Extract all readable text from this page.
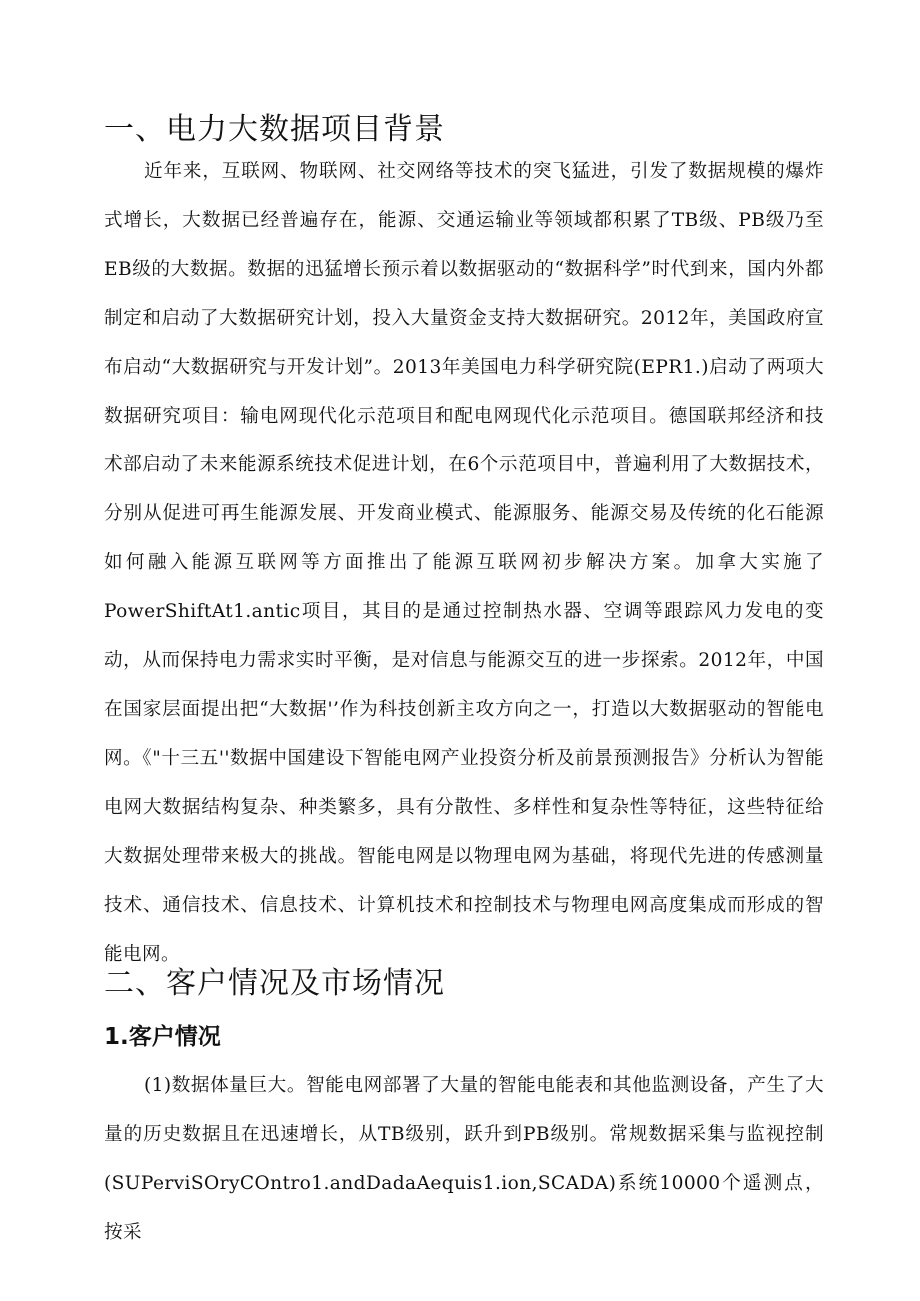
一、电力大数据项目背景

近年来，互联网、物联网、社交网络等技术的突飞猛进，引发了数据规模的爆炸式增长，大数据已经普遍存在，能源、交通运输业等领域都积累了TB级、PB级乃至EB级的大数据。数据的迅猛增长预示着以数据驱动的“数据科学”时代到来，国内外都制定和启动了大数据研究计划，投入大量资金支持大数据研究。2012年，美国政府宣布启动“大数据研究与开发计划”。2013年美国电力科学研究院(EPR1.)启动了两项大数据研究项目：输电网现代化示范项目和配电网现代化示范项目。德国联邦经济和技术部启动了未来能源系统技术促进计划，在6个示范项目中，普遍利用了大数据技术，分别从促进可再生能源发展、开发商业模式、能源服务、能源交易及传统的化石能源如何融入能源互联网等方面推出了能源互联网初步解决方案。加拿大实施了PowerShiftAt1.antic项目，其目的是通过控制热水器、空调等跟踪风力发电的变动，从而保持电力需求实时平衡，是对信息与能源交互的进一步探索。2012年，中国在国家层面提出把“大数据'’作为科技创新主攻方向之一，打造以大数据驱动的智能电网。《"十三五''数据中国建设下智能电网产业投资分析及前景预测报告》分析认为智能电网大数据结构复杂、种类繁多，具有分散性、多样性和复杂性等特征，这些特征给大数据处理带来极大的挑战。智能电网是以物理电网为基础，将现代先进的传感测量技术、通信技术、信息技术、计算机技术和控制技术与物理电网高度集成而形成的智能电网。

二、客户情况及市场情况
1.客户情况

(1)数据体量巨大。智能电网部署了大量的智能电能表和其他监测设备，产生了大量的历史数据且在迅速增长，从TB级别，跃升到PB级别。常规数据采集与监视控制(SUPerviSOryCOntro1.andDadaAequis1.ion,SCADA)系统10000个遥测点，按采
